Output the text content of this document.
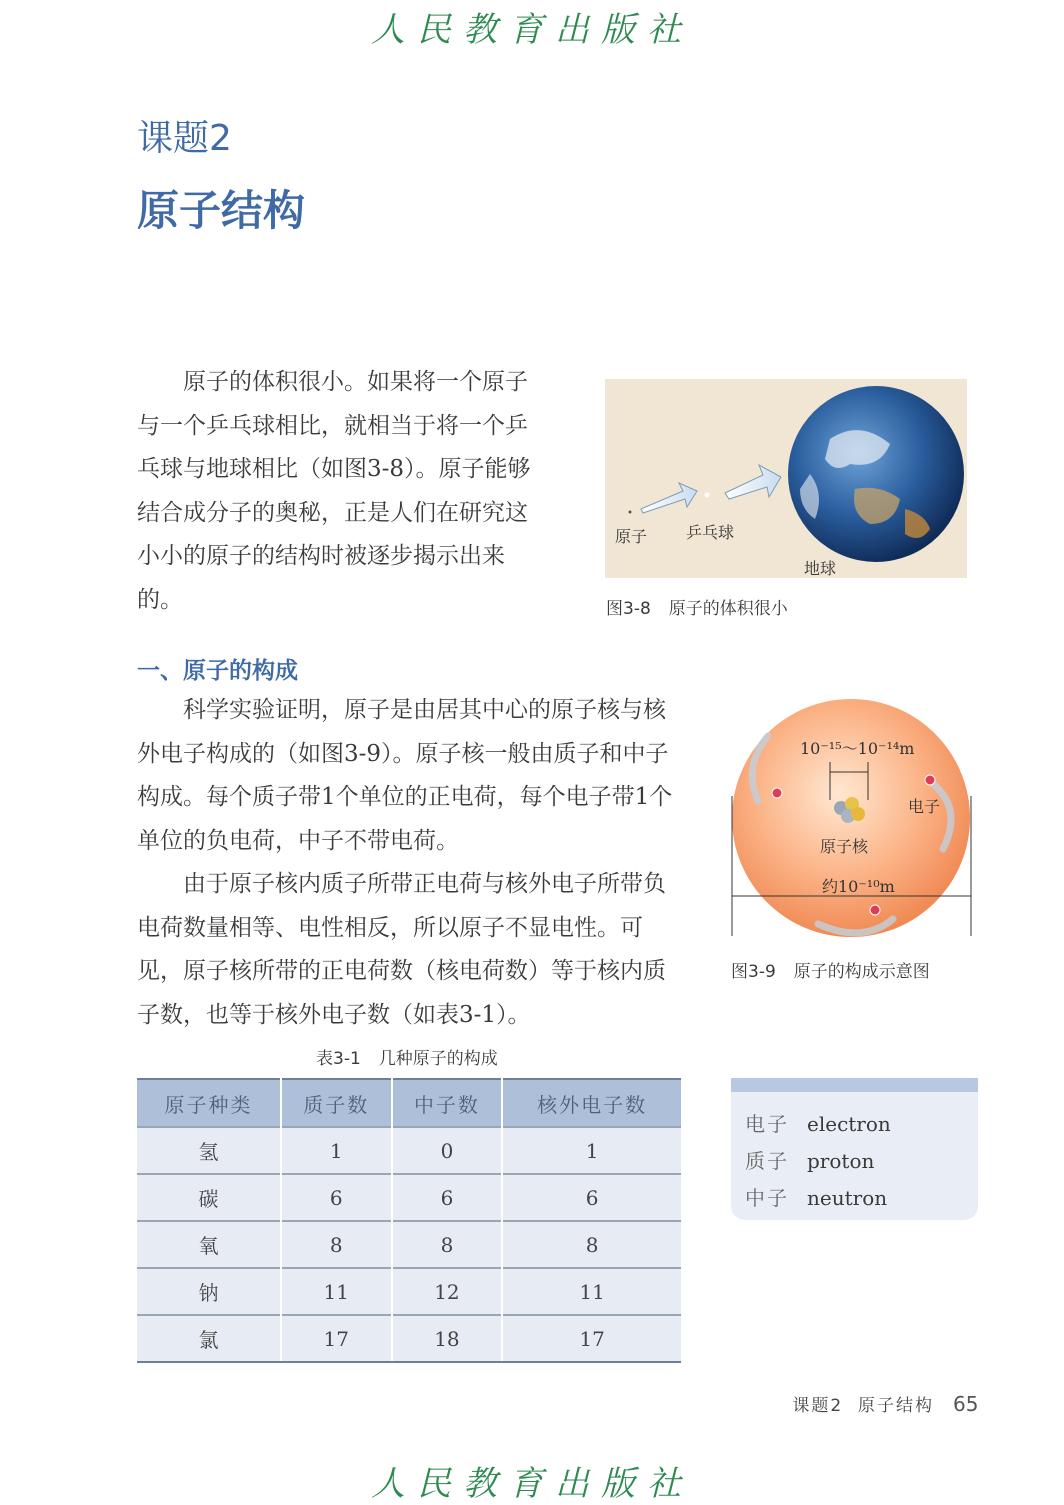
人民教育出版社
课题2
原子结构

原子的体积很小。如果将一个原子与一个乒乓球相比，就相当于将一个乒乓球与地球相比（如图3-8）。原子能够结合成分子的奥秘，正是人们在研究这小小的原子的结构时被逐步揭示出来的。

原子 乒乓球
地球
图3-8 原子的体积很小
一、原子的构成

科学实验证明，原子是由居其中心的原子核与核外电子构成的（如图3-9）。原子核一般由质子和中子构成。每个质子带1个单位的正电荷，每个电子带1个单位的负电荷，中子不带电荷。

由于原子核内质子所带正电荷与核外电子所带负电荷数量相等、电性相反，所以原子不显电性。可见，原子核所带的正电荷数（核电荷数）等于核内质子数，也等于核外电子数（如表3-1）。

10⁻¹⁵～10⁻¹⁴m
电子
原子核
约10⁻¹⁰m
图3-9 原子的构成示意图
表3-1 几种原子的构成
原子种类	质子数	中子数	核外电子数
氢	1	0	1
碳	6	6	6
氧	8	8	8
钠	11	12	11
氯	17	18	17
电子 electron
质子 proton
中子 neutron
课题2 原子结构 65
人民教育出版社
